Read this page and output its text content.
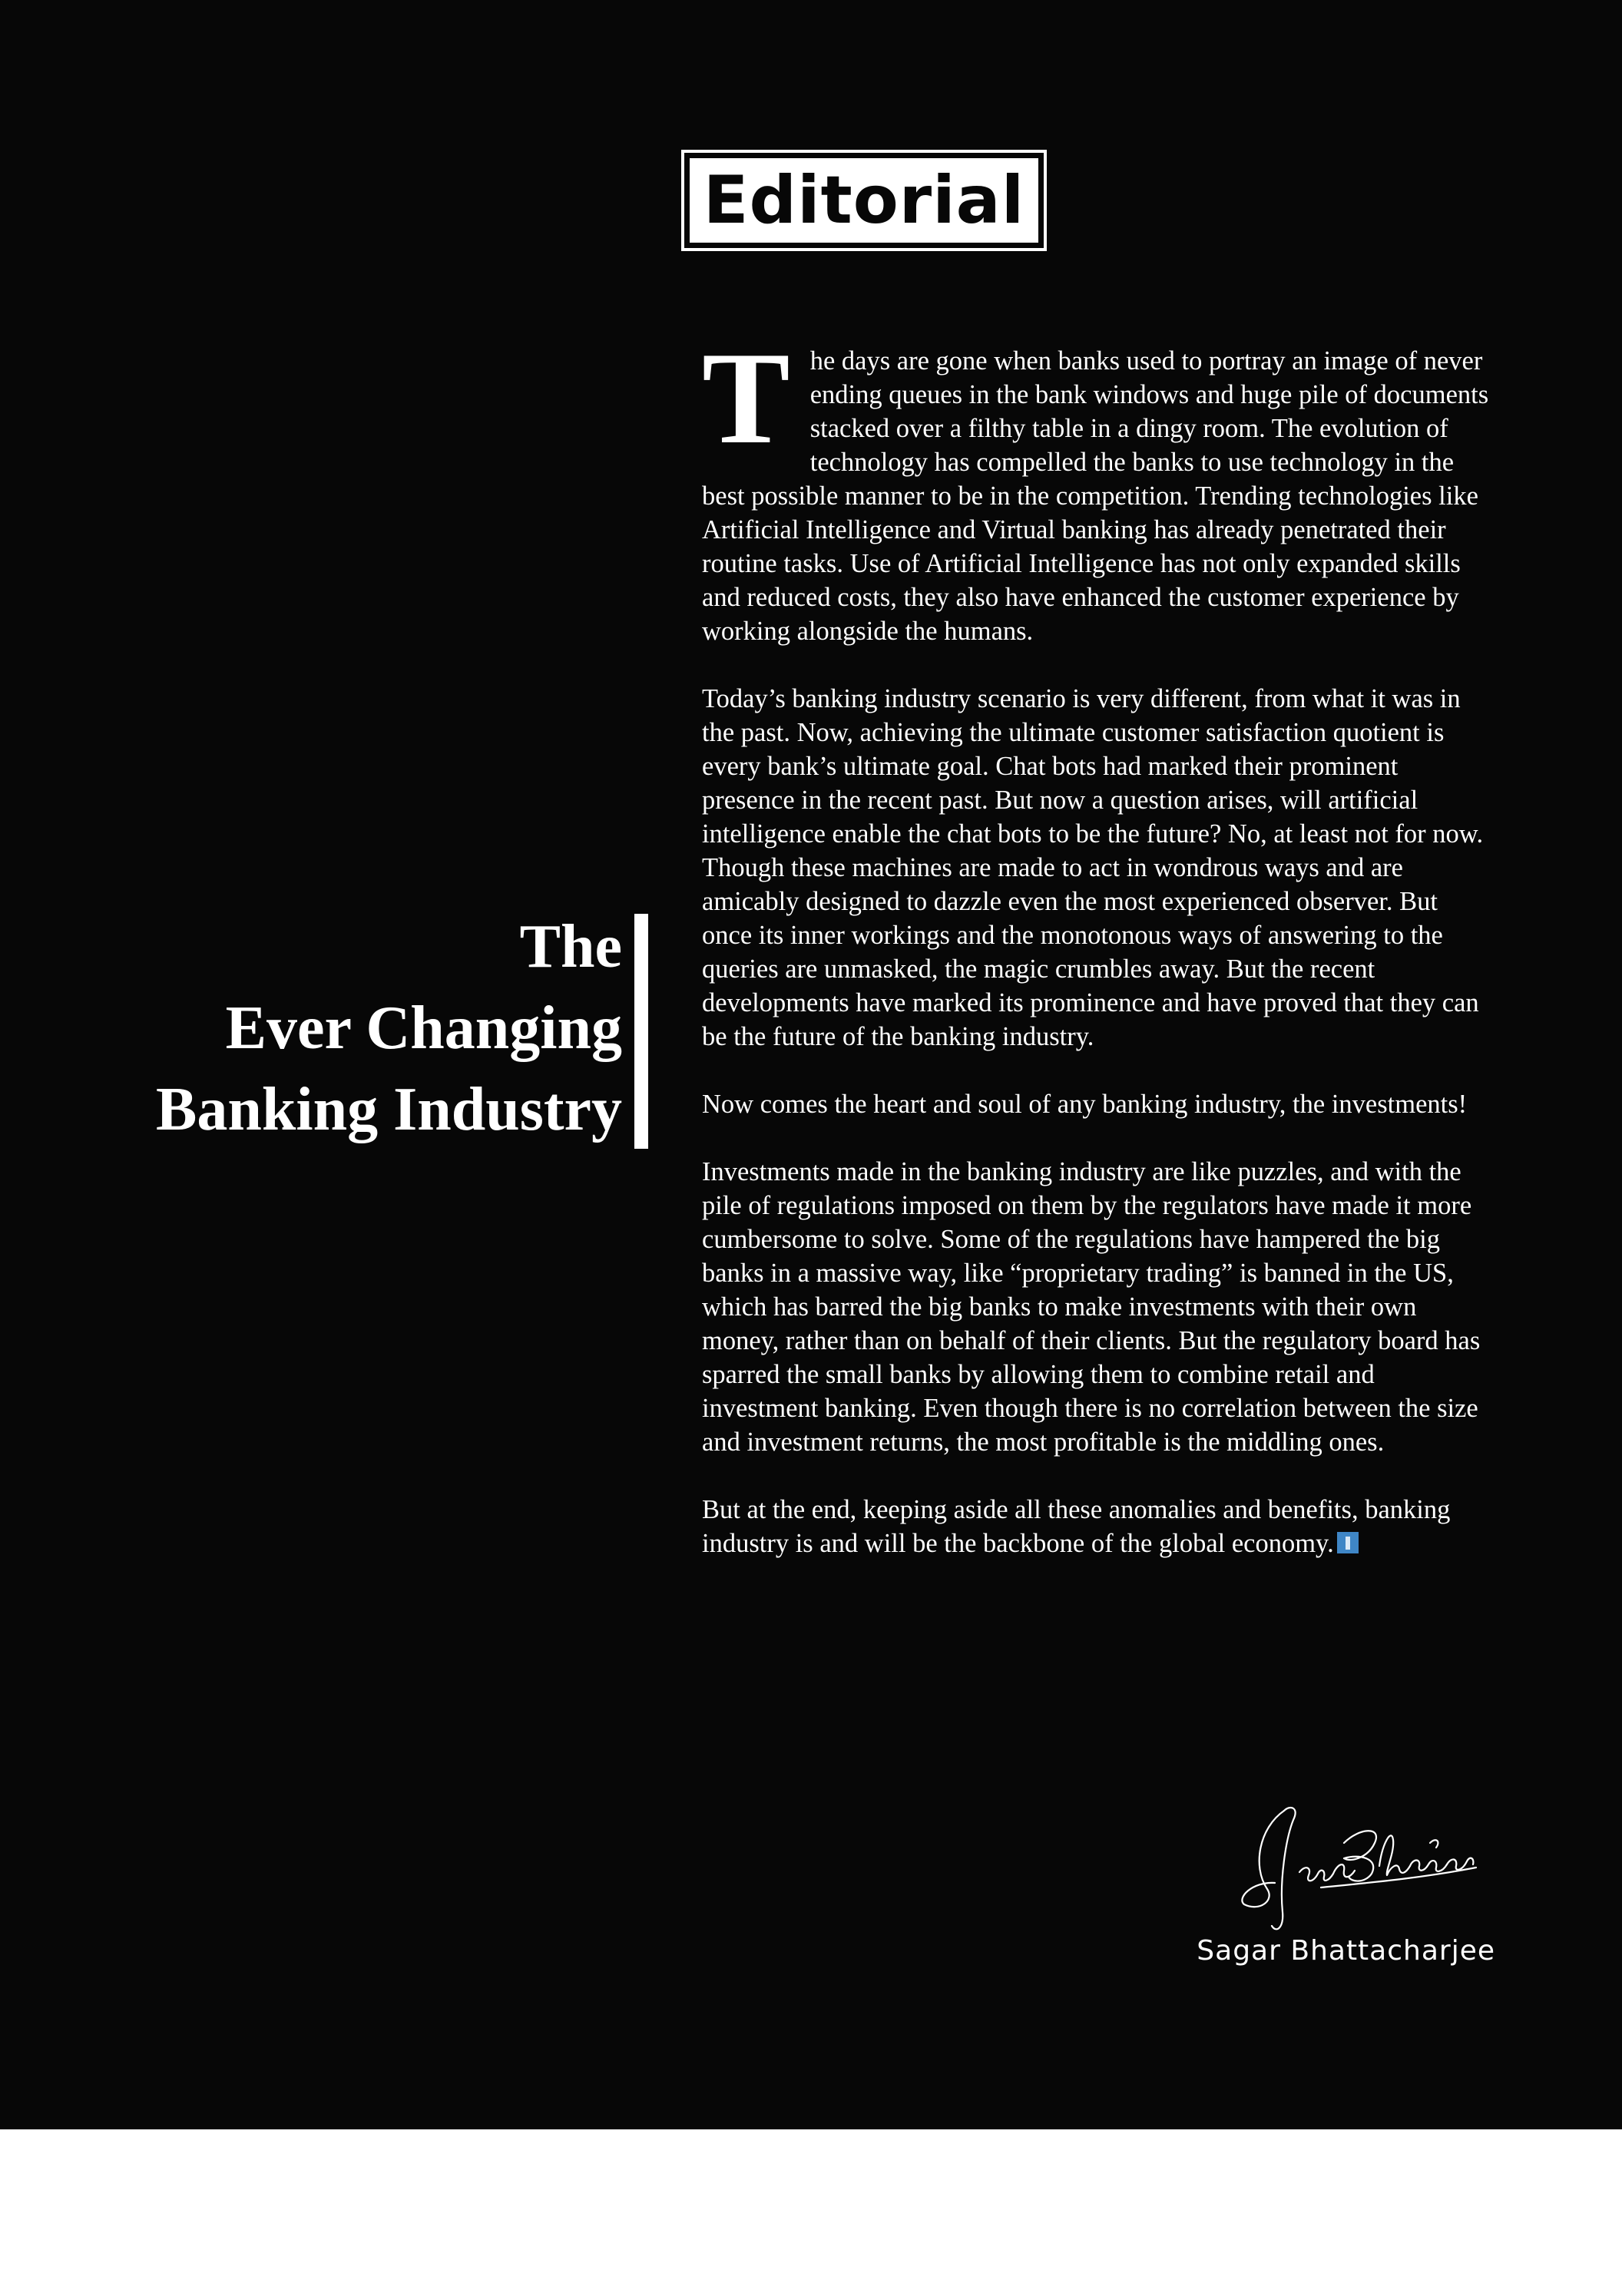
Editorial
The
Ever Changing
Banking Industry

The days are gone when banks used to portray an image of never ending queues in the bank windows and huge pile of documents stacked over a filthy table in a dingy room. The evolution of technology has compelled the banks to use technology in the best possible manner to be in the competition. Trending technologies like Artificial Intelligence and Virtual banking has already penetrated their routine tasks. Use of Artificial Intelligence has not only expanded skills and reduced costs, they also have enhanced the customer experience by working alongside the humans.

Today’s banking industry scenario is very different, from what it was in the past. Now, achieving the ultimate customer satisfaction quotient is every bank’s ultimate goal. Chat bots had marked their prominent presence in the recent past. But now a question arises, will artificial intelligence enable the chat bots to be the future? No, at least not for now. Though these machines are made to act in wondrous ways and are amicably designed to dazzle even the most experienced observer. But once its inner workings and the monotonous ways of answering to the queries are unmasked, the magic crumbles away. But the recent developments have marked its prominence and have proved that they can be the future of the banking industry.

Now comes the heart and soul of any banking industry, the investments!

Investments made in the banking industry are like puzzles, and with the pile of regulations imposed on them by the regulators have made it more cumbersome to solve. Some of the regulations have hampered the big banks in a massive way, like “proprietary trading” is banned in the US, which has barred the big banks to make investments with their own money, rather than on behalf of their clients. But the regulatory board has sparred the small banks by allowing them to combine retail and investment banking. Even though there is no correlation between the size and investment returns, the most profitable is the middling ones.

But at the end, keeping aside all these anomalies and benefits, banking industry is and will be the backbone of the global economy.

Sagar Bhattacharjee
